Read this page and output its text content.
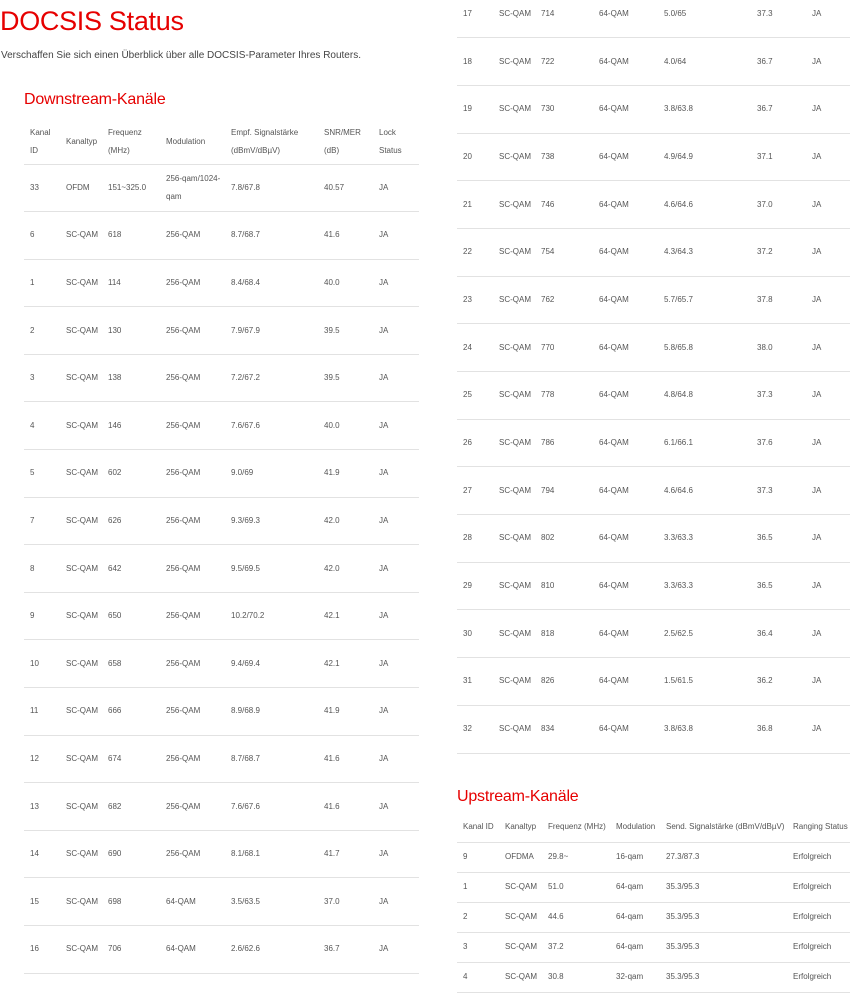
DOCSIS Status

Verschaffen Sie sich einen Überblick über alle DOCSIS-Parameter Ihres Routers.

Downstream-Kanäle
Kanal ID	Kanaltyp	Frequenz (MHz)	Modulation	Empf. Signalstärke (dBmV/dBµV)	SNR/MER (dB)	Lock Status
33	OFDM	151~325.0	256-qam/1024-qam	7.8/67.8	40.57	JA
6	SC-QAM	618	256-QAM	8.7/68.7	41.6	JA
1	SC-QAM	114	256-QAM	8.4/68.4	40.0	JA
2	SC-QAM	130	256-QAM	7.9/67.9	39.5	JA
3	SC-QAM	138	256-QAM	7.2/67.2	39.5	JA
4	SC-QAM	146	256-QAM	7.6/67.6	40.0	JA
5	SC-QAM	602	256-QAM	9.0/69	41.9	JA
7	SC-QAM	626	256-QAM	9.3/69.3	42.0	JA
8	SC-QAM	642	256-QAM	9.5/69.5	42.0	JA
9	SC-QAM	650	256-QAM	10.2/70.2	42.1	JA
10	SC-QAM	658	256-QAM	9.4/69.4	42.1	JA
11	SC-QAM	666	256-QAM	8.9/68.9	41.9	JA
12	SC-QAM	674	256-QAM	8.7/68.7	41.6	JA
13	SC-QAM	682	256-QAM	7.6/67.6	41.6	JA
14	SC-QAM	690	256-QAM	8.1/68.1	41.7	JA
15	SC-QAM	698	64-QAM	3.5/63.5	37.0	JA
16	SC-QAM	706	64-QAM	2.6/62.6	36.7	JA
17	SC-QAM	714	64-QAM	5.0/65	37.3	JA
18	SC-QAM	722	64-QAM	4.0/64	36.7	JA
19	SC-QAM	730	64-QAM	3.8/63.8	36.7	JA
20	SC-QAM	738	64-QAM	4.9/64.9	37.1	JA
21	SC-QAM	746	64-QAM	4.6/64.6	37.0	JA
22	SC-QAM	754	64-QAM	4.3/64.3	37.2	JA
23	SC-QAM	762	64-QAM	5.7/65.7	37.8	JA
24	SC-QAM	770	64-QAM	5.8/65.8	38.0	JA
25	SC-QAM	778	64-QAM	4.8/64.8	37.3	JA
26	SC-QAM	786	64-QAM	6.1/66.1	37.6	JA
27	SC-QAM	794	64-QAM	4.6/64.6	37.3	JA
28	SC-QAM	802	64-QAM	3.3/63.3	36.5	JA
29	SC-QAM	810	64-QAM	3.3/63.3	36.5	JA
30	SC-QAM	818	64-QAM	2.5/62.5	36.4	JA
31	SC-QAM	826	64-QAM	1.5/61.5	36.2	JA
32	SC-QAM	834	64-QAM	3.8/63.8	36.8	JA
Upstream-Kanäle
Kanal ID	Kanaltyp	Frequenz (MHz)	Modulation	Send. Signalstärke (dBmV/dBµV)	Ranging Status
9	OFDMA	29.8~	16-qam	27.3/87.3	Erfolgreich
1	SC-QAM	51.0	64-qam	35.3/95.3	Erfolgreich
2	SC-QAM	44.6	64-qam	35.3/95.3	Erfolgreich
3	SC-QAM	37.2	64-qam	35.3/95.3	Erfolgreich
4	SC-QAM	30.8	32-qam	35.3/95.3	Erfolgreich
